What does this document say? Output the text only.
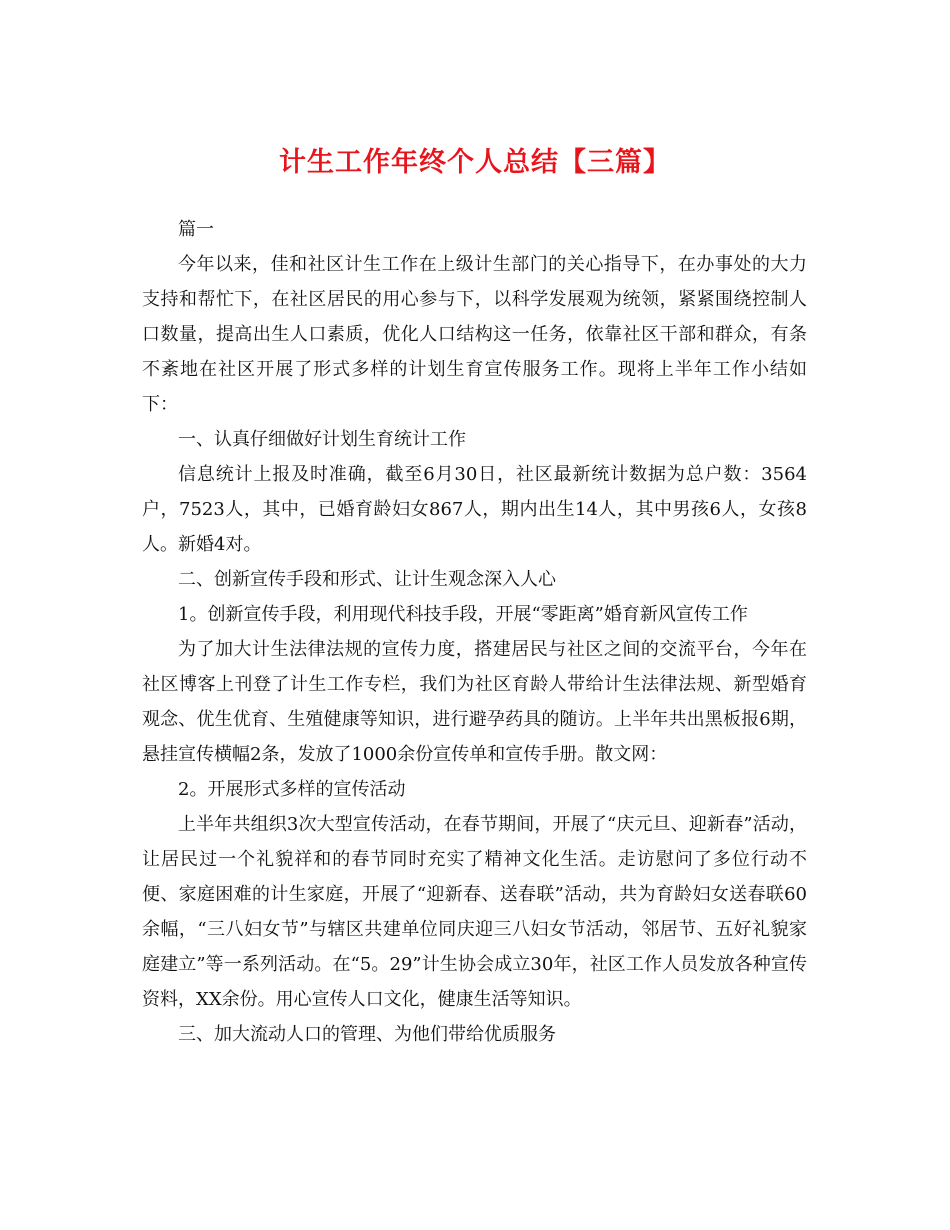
计生工作年终个人总结【三篇】

篇一

今年以来，佳和社区计生工作在上级计生部门的关心指导下，在办事处的大力支持和帮忙下，在社区居民的用心参与下，以科学发展观为统领，紧紧围绕控制人口数量，提高出生人口素质，优化人口结构这一任务，依靠社区干部和群众，有条不紊地在社区开展了形式多样的计划生育宣传服务工作。现将上半年工作小结如下：

一、认真仔细做好计划生育统计工作

信息统计上报及时准确，截至6月30日，社区最新统计数据为总户数：3564户，7523人，其中，已婚育龄妇女867人，期内出生14人，其中男孩6人，女孩8人。新婚4对。

二、创新宣传手段和形式、让计生观念深入人心

1。创新宣传手段，利用现代科技手段，开展“零距离”婚育新风宣传工作

为了加大计生法律法规的宣传力度，搭建居民与社区之间的交流平台，今年在社区博客上刊登了计生工作专栏，我们为社区育龄人带给计生法律法规、新型婚育观念、优生优育、生殖健康等知识，进行避孕药具的随访。上半年共出黑板报6期，悬挂宣传横幅2条，发放了1000余份宣传单和宣传手册。散文网：

2。开展形式多样的宣传活动

上半年共组织3次大型宣传活动，在春节期间，开展了“庆元旦、迎新春”活动，让居民过一个礼貌祥和的春节同时充实了精神文化生活。走访慰问了多位行动不便、家庭困难的计生家庭，开展了“迎新春、送春联”活动，共为育龄妇女送春联60余幅，“三八妇女节”与辖区共建单位同庆迎三八妇女节活动，邻居节、五好礼貌家庭建立”等一系列活动。在“5。29”计生协会成立30年，社区工作人员发放各种宣传资料，XX余份。用心宣传人口文化，健康生活等知识。

三、加大流动人口的管理、为他们带给优质服务
